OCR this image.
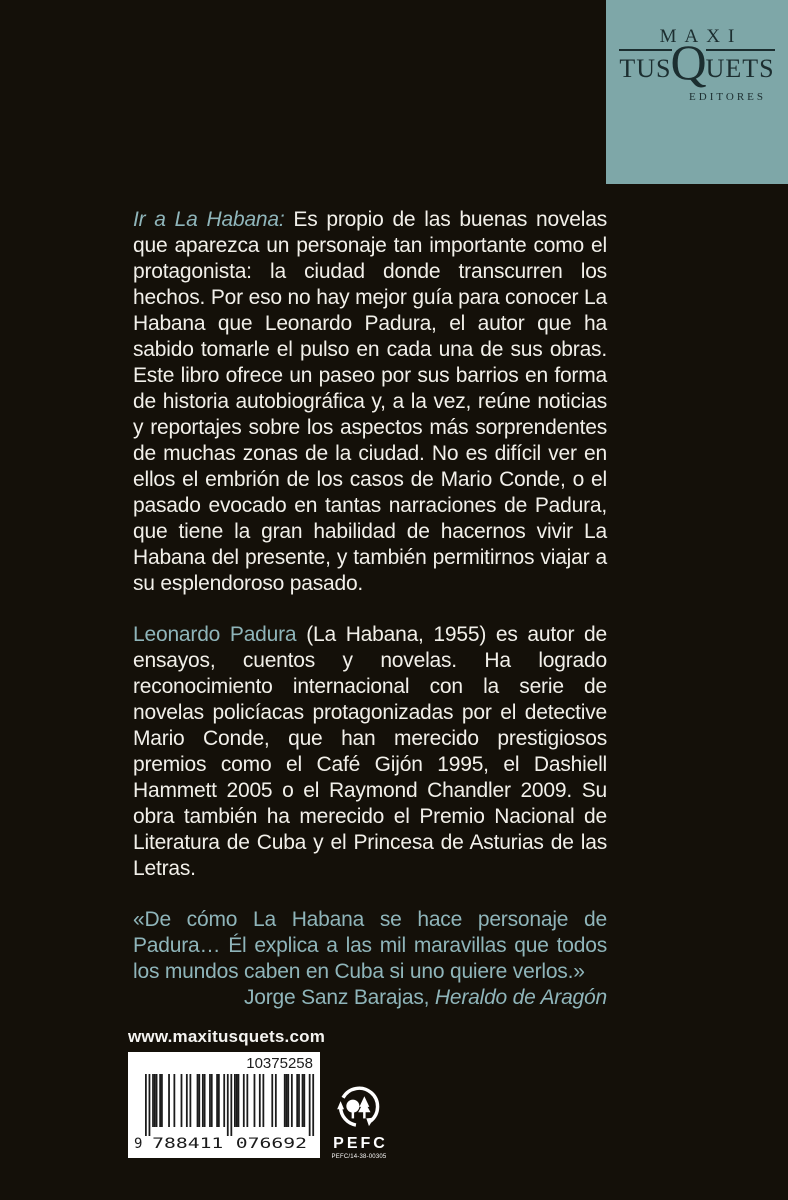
MAXI
TUS Q UETS
EDITORES

Ir a La Habana: Es propio de las buenas novelas que aparezca un personaje tan importante como el protagonista: la ciudad donde transcurren los hechos. Por eso no hay mejor guía para conocer La Habana que Leonardo Padura, el autor que ha sabido tomarle el pulso en cada una de sus obras. Este libro ofrece un paseo por sus barrios en forma de historia autobiográfica y, a la vez, reúne noticias y reportajes sobre los aspectos más sorprendentes de muchas zonas de la ciudad. No es difícil ver en ellos el embrión de los casos de Mario Conde, o el pasado evocado en tantas narraciones de Padura, que tiene la gran habilidad de hacernos vivir La Habana del presente, y también permitirnos viajar a su esplendoroso pasado.

Leonardo Padura (La Habana, 1955) es autor de ensayos, cuentos y novelas. Ha logrado reconocimiento internacional con la serie de novelas policíacas protagonizadas por el detective Mario Conde, que han merecido prestigiosos premios como el Café Gijón 1995, el Dashiell Hammett 2005 o el Raymond Chandler 2009. Su obra también ha merecido el Premio Nacional de Literatura de Cuba y el Princesa de Asturias de las Letras.

«De cómo La Habana se hace personaje de Padura… Él explica a las mil maravillas que todos los mundos caben en Cuba si uno quiere verlos.»

Jorge Sanz Barajas, Heraldo de Aragón

www.maxitusquets.com
10375258
9 788411 076692	PEFC
PEFC/14-38-00305
